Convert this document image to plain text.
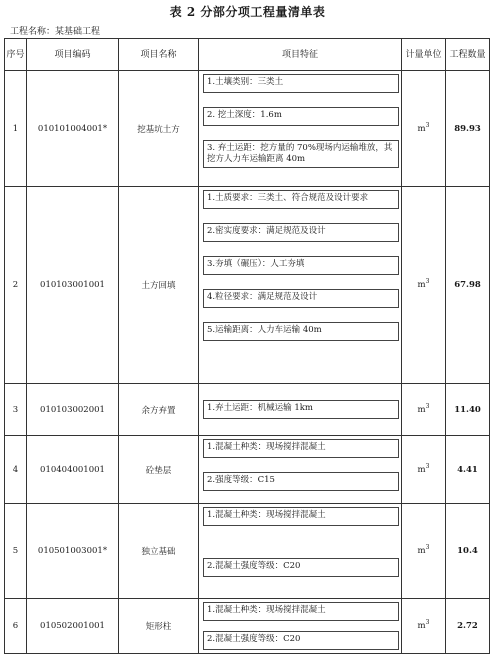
表 2 分部分项工程量清单表
工程名称：某基础工程
序号	项目编码	项目名称	项目特征	计量单位	工程数量
1	010101004001*	挖基坑土方	1.土壤类别：三类土
2. 挖土深度：1.6m
3. 弃土运距：挖方量的 70%现场内运输堆放，其挖方人力车运输距离 40m	$m^3$	89.93
2	010103001001	土方回填	1.土质要求：三类土、符合规范及设计要求
2.密实度要求：满足规范及设计
3.夯填（碾压）：人工夯填
4.粒径要求：满足规范及设计
5.运输距离：人力车运输 40m	$m^3$	67.98
3	010103002001	余方弃置	1.弃土运距：机械运输 1km	$m^3$	11.40
4	010404001001	砼垫层	1.混凝土种类：现场搅拌混凝土
2.强度等级：C15	$m^3$	4.41
5	010501003001*	独立基础	1.混凝土种类：现场搅拌混凝土
2.混凝土强度等级：C20	$m^3$	10.4
6	010502001001	矩形柱	1.混凝土种类：现场搅拌混凝土
2.混凝土强度等级：C20	$m^3$	2.72
